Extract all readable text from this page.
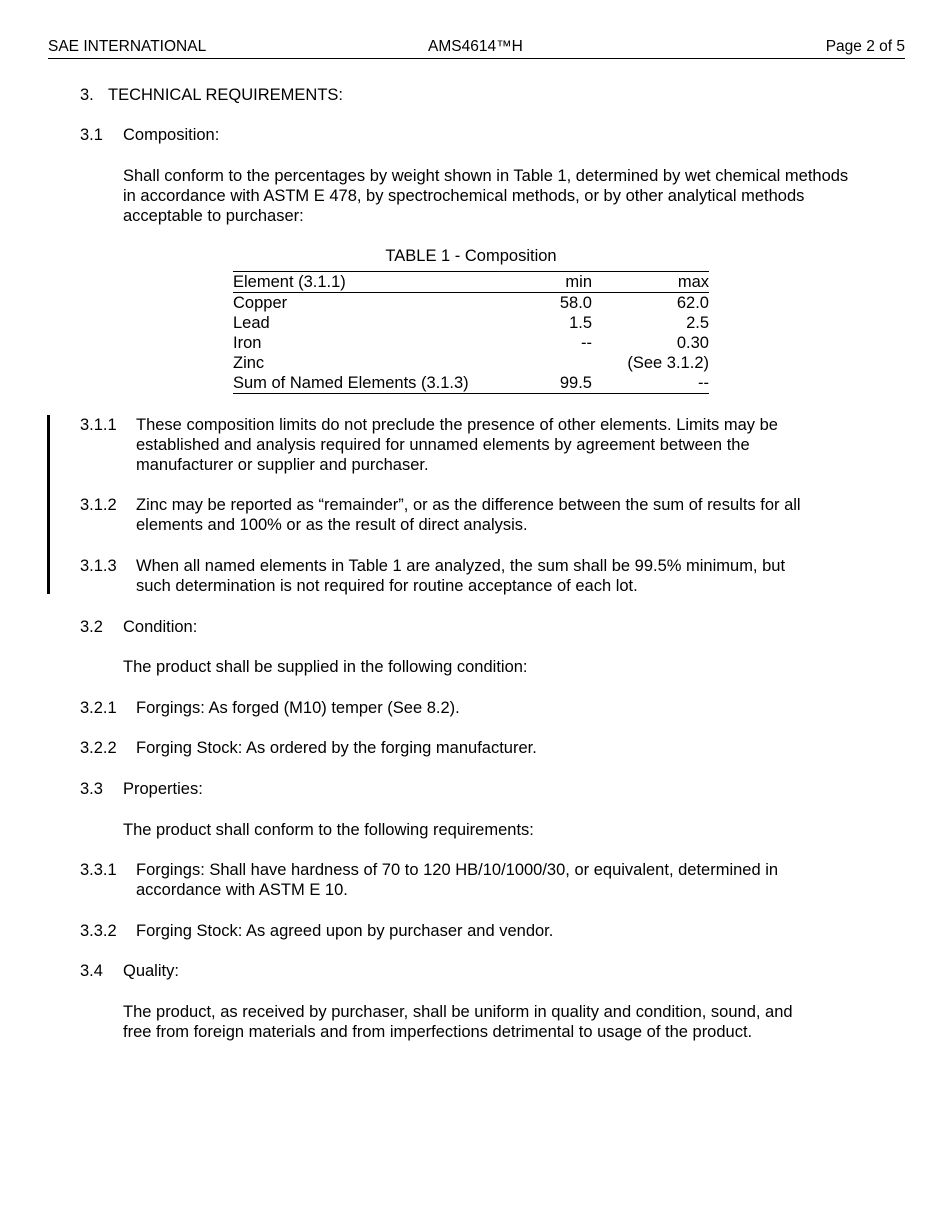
SAE INTERNATIONAL	AMS4614™H	Page 2 of 5
3. TECHNICAL REQUIREMENTS:
3.1 Composition:
Shall conform to the percentages by weight shown in Table 1, determined by wet chemical methods in accordance with ASTM E 478, by spectrochemical methods, or by other analytical methods acceptable to purchaser:
TABLE 1 - Composition
Element (3.1.1)	min	max
Copper	58.0	62.0
Lead	1.5	2.5
Iron	--	0.30
Zinc		(See 3.1.2)
Sum of Named Elements (3.1.3)	99.5	--
3.1.1 These composition limits do not preclude the presence of other elements. Limits may be
established and analysis required for unnamed elements by agreement between the
manufacturer or supplier and purchaser.
3.1.2 Zinc may be reported as “remainder”, or as the difference between the sum of results for all
elements and 100% or as the result of direct analysis.
3.1.3 When all named elements in Table 1 are analyzed, the sum shall be 99.5% minimum, but
such determination is not required for routine acceptance of each lot.
3.2 Condition:
The product shall be supplied in the following condition:
3.2.1 Forgings: As forged (M10) temper (See 8.2).
3.2.2 Forging Stock: As ordered by the forging manufacturer.
3.3 Properties:
The product shall conform to the following requirements:
3.3.1 Forgings: Shall have hardness of 70 to 120 HB/10/1000/30, or equivalent, determined in
accordance with ASTM E 10.
3.3.2 Forging Stock: As agreed upon by purchaser and vendor.
3.4 Quality:
The product, as received by purchaser, shall be uniform in quality and condition, sound, and
free from foreign materials and from imperfections detrimental to usage of the product.
